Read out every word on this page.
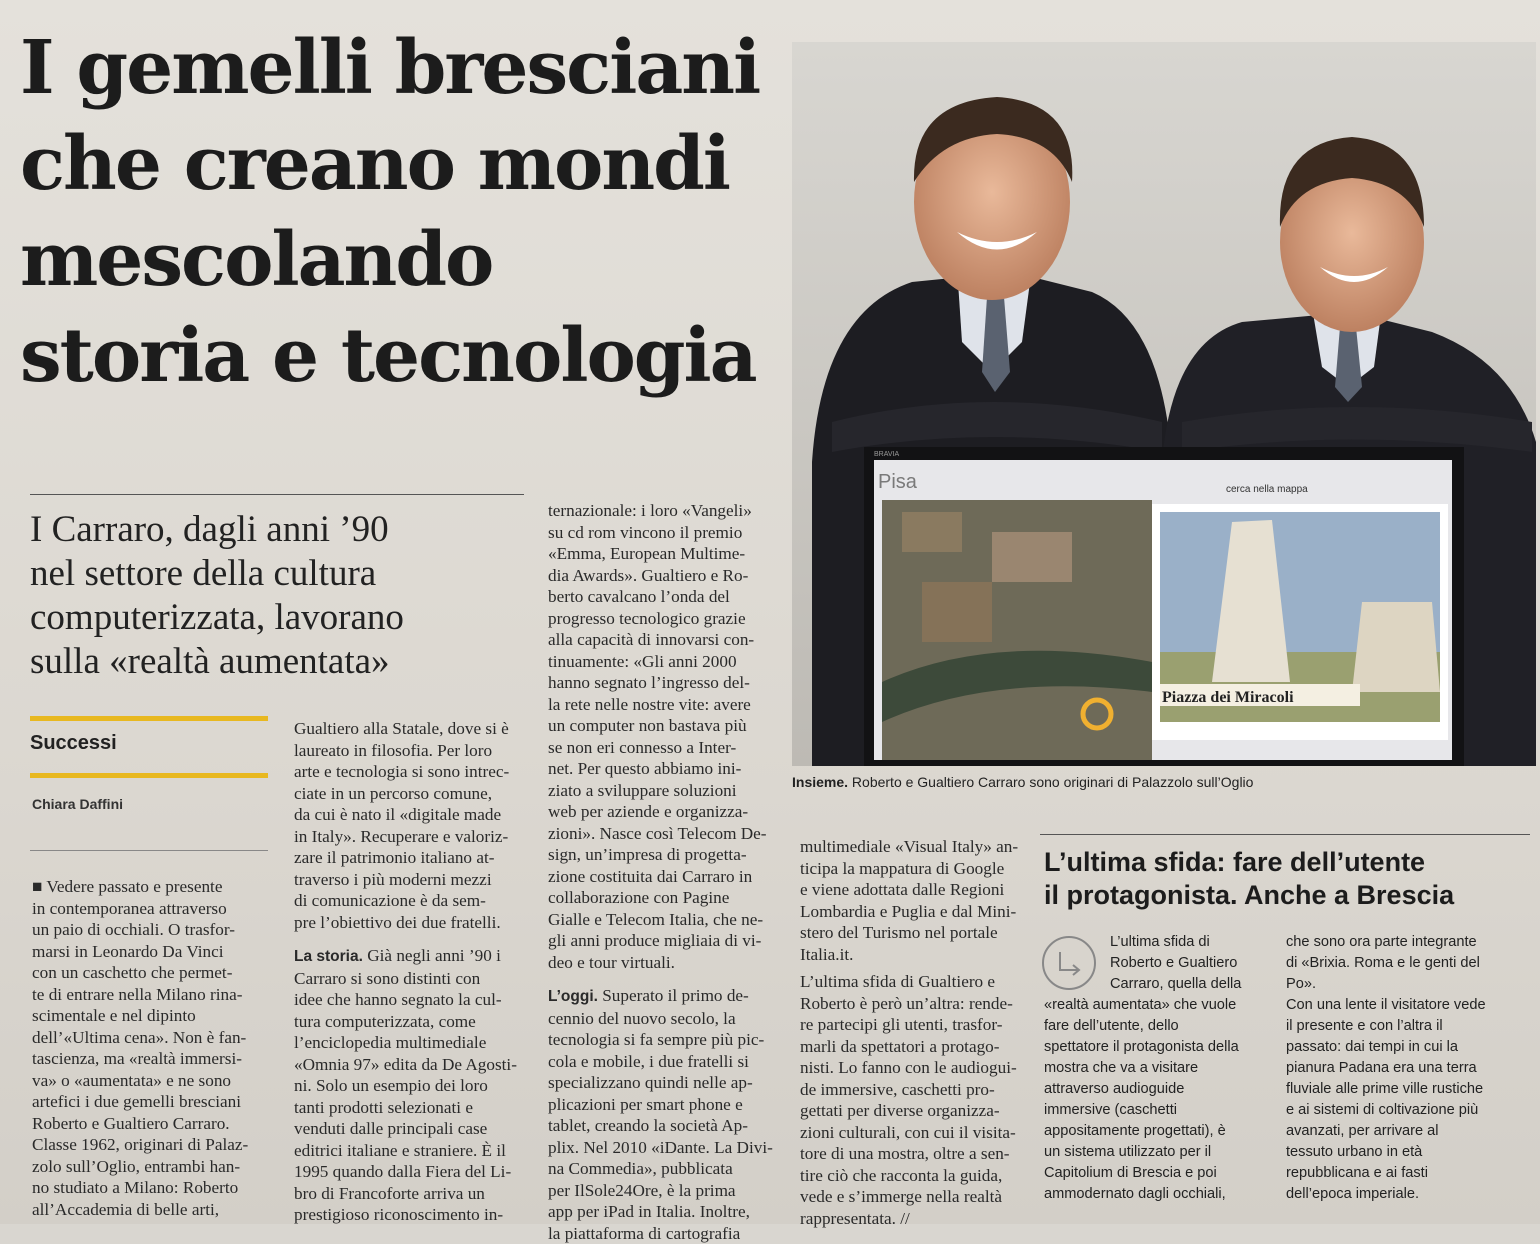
I gemelli bresciani
che creano mondi
mescolando
storia e tecnologia
I Carraro, dagli anni ’90
nel settore della cultura
computerizzata, lavorano
sulla «realtà aumentata»
Successi
Chiara Daffini
■ Vedere passato e presente
in contemporanea attraverso
un paio di occhiali. O trasfor-
marsi in Leonardo Da Vinci
con un caschetto che permet-
te di entrare nella Milano rina-
scimentale e nel dipinto
dell’«Ultima cena». Non è fan-
tascienza, ma «realtà immersi-
va» o «aumentata» e ne sono
artefici i due gemelli bresciani
Roberto e Gualtiero Carraro.
Classe 1962, originari di Palaz-
zolo sull’Oglio, entrambi han-
no studiato a Milano: Roberto
all’Accademia di belle arti,
Gualtiero alla Statale, dove si è
laureato in filosofia. Per loro
arte e tecnologia si sono intrec-
ciate in un percorso comune,
da cui è nato il «digitale made
in Italy». Recuperare e valoriz-
zare il patrimonio italiano at-
traverso i più moderni mezzi
di comunicazione è da sem-
pre l’obiettivo dei due fratelli.
La storia. Già negli anni ’90 i
Carraro si sono distinti con
idee che hanno segnato la cul-
tura computerizzata, come
l’enciclopedia multimediale
«Omnia 97» edita da De Agosti-
ni. Solo un esempio dei loro
tanti prodotti selezionati e
venduti dalle principali case
editrici italiane e straniere. È il
1995 quando dalla Fiera del Li-
bro di Francoforte arriva un
prestigioso riconoscimento in-
ternazionale: i loro «Vangeli»
su cd rom vincono il premio
«Emma, European Multime-
dia Awards». Gualtiero e Ro-
berto cavalcano l’onda del
progresso tecnologico grazie
alla capacità di innovarsi con-
tinuamente: «Gli anni 2000
hanno segnato l’ingresso del-
la rete nelle nostre vite: avere
un computer non bastava più
se non eri connesso a Inter-
net. Per questo abbiamo ini-
ziato a sviluppare soluzioni
web per aziende e organizza-
zioni». Nasce così Telecom De-
sign, un’impresa di progetta-
zione costituita dai Carraro in
collaborazione con Pagine
Gialle e Telecom Italia, che ne-
gli anni produce migliaia di vi-
deo e tour virtuali.
L’oggi. Superato il primo de-
cennio del nuovo secolo, la
tecnologia si fa sempre più pic-
cola e mobile, i due fratelli si
specializzano quindi nelle ap-
plicazioni per smart phone e
tablet, creando la società Ap-
plix. Nel 2010 «iDante. La Divi-
na Commedia», pubblicata
per IlSole24Ore, è la prima
app per iPad in Italia. Inoltre,
la piattaforma di cartografia
multimediale «Visual Italy» an-
ticipa la mappatura di Google
e viene adottata dalle Regioni
Lombardia e Puglia e dal Mini-
stero del Turismo nel portale
Italia.it.
L’ultima sfida di Gualtiero e
Roberto è però un’altra: rende-
re partecipi gli utenti, trasfor-
marli da spettatori a protago-
nisti. Lo fanno con le audiogui-
de immersive, caschetti pro-
gettati per diverse organizza-
zioni culturali, con cui il visita-
tore di una mostra, oltre a sen-
tire ciò che racconta la guida,
vede e s’immerge nella realtà
rappresentata. //
Piazza dei Miracoli
Pisa	cerca nella mappa
BRAVIA
Insieme. Roberto e Gualtiero Carraro sono originari di Palazzolo sull’Oglio
L’ultima sfida: fare dell’utente
il protagonista. Anche a Brescia
L’ultima sfida di
Roberto e Gualtiero
Carraro, quella della
«realtà aumentata» che vuole
fare dell’utente, dello
spettatore il protagonista della
mostra che va a visitare
attraverso audioguide
immersive (caschetti
appositamente progettati), è
un sistema utilizzato per il
Capitolium di Brescia e poi
ammodernato dagli occhiali,
che sono ora parte integrante
di «Brixia. Roma e le genti del
Po».
Con una lente il visitatore vede
il presente e con l’altra il
passato: dai tempi in cui la
pianura Padana era una terra
fluviale alle prime ville rustiche
e ai sistemi di coltivazione più
avanzati, per arrivare al
tessuto urbano in età
repubblicana e ai fasti
dell’epoca imperiale.
